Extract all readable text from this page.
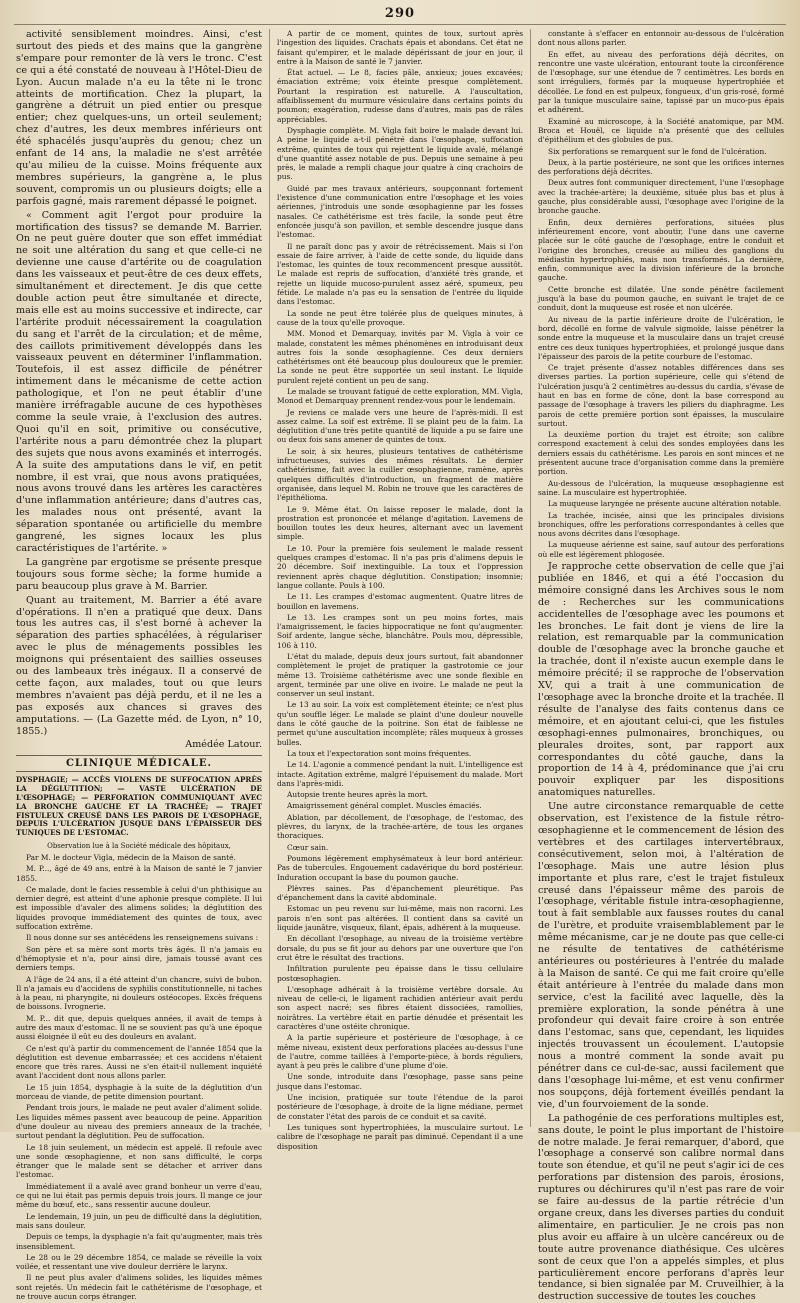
290

activité sensiblement moindres. Ainsi, c'est surtout des pieds et des mains que la gangrène s'empare pour remonter de là vers le tronc. C'est ce qui a été constaté de nouveau à l'Hôtel-Dieu de Lyon. Aucun malade n'a eu la tête ni le tronc atteints de mortification. Chez la plupart, la gangrène a détruit un pied entier ou presque entier; chez quelques-uns, un orteil seulement; chez d'autres, les deux membres inférieurs ont été sphacélés jusqu'auprès du genou; chez un enfant de 14 ans, la maladie ne s'est arrêtée qu'au milieu de la cuisse. Moins fréquente aux membres supérieurs, la gangrène a, le plus souvent, compromis un ou plusieurs doigts; elle a parfois gagné, mais rarement dépassé le poignet.

« Comment agit l'ergot pour produire la mortification des tissus? se demande M. Barrier. On ne peut guère douter que son effet immédiat ne soit une altération du sang et que celle-ci ne devienne une cause d'artérite ou de coagulation dans les vaisseaux et peut-être de ces deux effets, simultanément et directement. Je dis que cette double action peut être simultanée et directe, mais elle est au moins successive et indirecte, car l'artérite produit nécessairement la coagulation du sang et l'arrêt de la circulation; et de même, des caillots primitivement développés dans les vaisseaux peuvent en déterminer l'inflammation. Toutefois, il est assez difficile de pénétrer intimement dans le mécanisme de cette action pathologique, et l'on ne peut établir d'une manière irréfragable aucune de ces hypothèses comme la seule vraie, à l'exclusion des autres. Quoi qu'il en soit, primitive ou consécutive, l'artérite nous a paru démontrée chez la plupart des sujets que nous avons examinés et interrogés. A la suite des amputations dans le vif, en petit nombre, il est vrai, que nous avons pratiquées, nous avons trouvé dans les artères les caractères d'une inflammation antérieure; dans d'autres cas, les malades nous ont présenté, avant la séparation spontanée ou artificielle du membre gangrené, les signes locaux les plus caractéristiques de l'artérite. »

La gangrène par ergotisme se présente presque toujours sous forme sèche; la forme humide a paru beaucoup plus grave à M. Barrier.

Quant au traitement, M. Barrier a été avare d'opérations. Il n'en a pratiqué que deux. Dans tous les autres cas, il s'est borné à achever la séparation des parties sphacélées, à régulariser avec le plus de ménagements possibles les moignons qui présentaient des saillies osseuses ou des lambeaux très inégaux. Il a conservé de cette façon, aux malades, tout ou que leurs membres n'avaient pas déjà perdu, et il ne les a pas exposés aux chances si graves des amputations. — (La Gazette méd. de Lyon, n° 10, 1855.)

Amédée Latour.

CLINIQUE MÉDICALE.

DYSPHAGIE; — ACCÈS VIOLENS DE SUFFOCATION APRÈS LA DÉGLUTITION; — VASTE ULCÉRATION DE L'ŒSOPHAGE; — PERFORATION COMMUNIQUANT AVEC LA BRONCHE GAUCHE ET LA TRACHÉE; — TRAJET FISTULEUX CREUSÉ DANS LES PAROIS DE L'ŒSOPHAGE, DEPUIS L'ULCÉRATION JUSQUE DANS L'ÉPAISSEUR DES TUNIQUES DE L'ESTOMAC.

Observation lue à la Société médicale des hôpitaux,

Par M. le docteur Vigla, médecin de la Maison de santé.

M. P..., âgé de 49 ans, entré à la Maison de santé le 7 janvier 1855.

Ce malade, dont le facies ressemble à celui d'un phthisique au dernier degré, est atteint d'une aphonie presque complète. Il lui est impossible d'avaler des alimens solides; la déglutition des liquides provoque immédiatement des quintes de toux, avec suffocation extrême.

Il nous donne sur ses antécédens les renseignemens suivans :

Son père et sa mère sont morts très âgés. Il n'a jamais eu d'hémoptysie et n'a, pour ainsi dire, jamais toussé avant ces derniers temps.

A l'âge de 24 ans, il a été atteint d'un chancre, suivi de bubon. Il n'a jamais eu d'accidens de syphilis constitutionnelle, ni taches à la peau, ni pharyngite, ni douleurs ostéocopes. Excès fréquens de boissons. Ivrognerie.

M. P... dit que, depuis quelques années, il avait de temps à autre des maux d'estomac. Il ne se souvient pas qu'à une époque aussi éloignée il eût eu des douleurs en avalant.

Ce n'est qu'à partir du commencement de l'année 1854 que la déglutition est devenue embarrassée; et ces accidens n'étaient encore que très rares. Aussi ne s'en était-il nullement inquiété avant l'accident dont nous allons parler.

Le 15 juin 1854, dysphagie à la suite de la déglutition d'un morceau de viande, de petite dimension pourtant.

Pendant trois jours, le malade ne peut avaler d'aliment solide. Les liquides mêmes passent avec beaucoup de peine. Apparition d'une douleur au niveau des premiers anneaux de la trachée, surtout pendant la déglutition. Peu de suffocation.

Le 18 juin seulement, un médecin est appelé. Il refoule avec une sonde œsophagienne, et non sans difficulté, le corps étranger que le malade sent se détacher et arriver dans l'estomac.

Immédiatement il a avalé avec grand bonheur un verre d'eau, ce qui ne lui était pas permis depuis trois jours. Il mange ce jour même du bœuf, etc., sans ressentir aucune douleur.

Le lendemain, 19 juin, un peu de difficulté dans la déglutition, mais sans douleur.

Depuis ce temps, la dysphagie n'a fait qu'augmenter, mais très insensiblement.

Le 28 ou le 29 décembre 1854, ce malade se réveille la voix voilée, et ressentant une vive douleur derrière le larynx.

Il ne peut plus avaler d'alimens solides, les liquides mêmes sont rejetés. Un médecin fait le cathétérisme de l'œsophage, et ne trouve aucun corps étranger.

A partir de ce moment, quintes de toux, surtout après l'ingestion des liquides. Crachats épais et abondans. Cet état ne faisant qu'empirer, et le malade dépérissant de jour en jour, il entre à la Maison de santé le 7 janvier.

État actuel. — Le 8, facies pâle, anxieux; joues excavées; émaciation extrême; voix éteinte presque complètement. Pourtant la respiration est naturelle. A l'auscultation, affaiblissement du murmure vésiculaire dans certains points du poumon; exagération, rudesse dans d'autres, mais pas de râles appréciables.

Dysphagie complète. M. Vigla fait boire le malade devant lui. A peine le liquide a-t-il pénétré dans l'œsophage, suffocation extrême, quintes de toux qui rejettent le liquide avalé, mélangé d'une quantité assez notable de pus. Depuis une semaine à peu près, le malade a rempli chaque jour quatre à cinq crachoirs de pus.

Guidé par mes travaux antérieurs, soupçonnant fortement l'existence d'une communication entre l'œsophage et les voies aériennes, j'introduis une sonde œsophagienne par les fosses nasales. Ce cathétérisme est très facile, la sonde peut être enfoncée jusqu'à son pavillon, et semble descendre jusque dans l'estomac.

Il ne paraît donc pas y avoir de rétrécissement. Mais si l'on essaie de faire arriver, à l'aide de cette sonde, du liquide dans l'estomac, les quintes de toux recommencent presque aussitôt. Le malade est repris de suffocation, d'anxiété très grande, et rejette un liquide mucoso-purulent assez aéré, spumeux, peu fétide. Le malade n'a pas eu la sensation de l'entrée du liquide dans l'estomac.

La sonde ne peut être tolérée plus de quelques minutes, à cause de la toux qu'elle provoque.

MM. Monod et Demarquay, invités par M. Vigla à voir ce malade, constatent les mêmes phénomènes en introduisant deux autres fois la sonde œsophagienne. Ces deux derniers cathétérismes ont été beaucoup plus douloureux que le premier. La sonde ne peut être supportée un seul instant. Le liquide purulent rejeté contient un peu de sang.

Le malade se trouvant fatigué de cette exploration, MM. Vigla, Monod et Demarquay prennent rendez-vous pour le lendemain.

Je reviens ce malade vers une heure de l'après-midi. Il est assez calme. La soif est extrême. Il se plaint peu de la faim. La déglutition d'une très petite quantité de liquide a pu se faire une ou deux fois sans amener de quintes de toux.

Le soir, à six heures, plusieurs tentatives de cathétérisme infructueuses, suivies des mêmes résultats. Le dernier cathétérisme, fait avec la cuiller œsophagienne, ramène, après quelques difficultés d'introduction, un fragment de matière organisée, dans lequel M. Robin ne trouve que les caractères de l'épithélioma.

Le 9. Même état. On laisse reposer le malade, dont la prostration est prononcée et mélange d'agitation. Lavemens de bouillon toutes les deux heures, alternant avec un lavement simple.

Le 10. Pour la première fois seulement le malade ressent quelques crampes d'estomac. Il n'a pas pris d'alimens depuis le 20 décembre. Soif inextinguible. La toux et l'oppression reviennent après chaque déglutition. Constipation; insomnie; langue collante. Pouls à 100.

Le 11. Les crampes d'estomac augmentent. Quatre litres de bouillon en lavemens.

Le 13. Les crampes sont un peu moins fortes, mais l'amaigrissement, le facies hippocratique ne font qu'augmenter. Soif ardente, langue sèche, blanchâtre. Pouls mou, dépressible, 106 à 110.

L'état du malade, depuis deux jours surtout, fait abandonner complètement le projet de pratiquer la gastrotomie ce jour même 13. Troisième cathétérisme avec une sonde flexible en argent, terminée par une olive en ivoire. Le malade ne peut la conserver un seul instant.

Le 13 au soir. La voix est complètement éteinte; ce n'est plus qu'un souffle léger. Le malade se plaint d'une douleur nouvelle dans le côté gauche de la poitrine. Son état de faiblesse ne permet qu'une auscultation incomplète; râles muqueux à grosses bulles.

La toux et l'expectoration sont moins fréquentes.

Le 14. L'agonie a commencé pendant la nuit. L'intelligence est intacte. Agitation extrême, malgré l'épuisement du malade. Mort dans l'après-midi.

Autopsie trente heures après la mort.

Amaigrissement général complet. Muscles émaciés.

Ablation, par décollement, de l'œsophage, de l'estomac, des plèvres, du larynx, de la trachée-artère, de tous les organes thoraciques.

Cœur sain.

Poumons légèrement emphysémateux à leur bord antérieur. Pas de tubercules. Engouement cadavérique du bord postérieur. Induration occupant la base du poumon gauche.

Plèvres saines. Pas d'épanchement pleurétique. Pas d'épanchement dans la cavité abdominale.

Estomac un peu revenu sur lui-même, mais non racorni. Les parois n'en sont pas altérées. Il contient dans sa cavité un liquide jaunâtre, visqueux, filant, épais, adhérent à la muqueuse.

En décollant l'œsophage, au niveau de la troisième vertèbre dorsale, du pus se fit jour au dehors par une ouverture que l'on crut être le résultat des tractions.

Infiltration purulente peu épaisse dans le tissu cellulaire postœsophagien.

L'œsophage adhérait à la troisième vertèbre dorsale. Au niveau de celle-ci, le ligament rachidien antérieur avait perdu son aspect nacré; ses fibres étaient dissociées, ramollies, noirâtres. La vertèbre était en partie dénudée et présentait les caractères d'une ostéite chronique.

A la partie supérieure et postérieure de l'œsophage, à ce même niveau, existent deux perforations placées au-dessus l'une de l'autre, comme taillées à l'emporte-pièce, à bords réguliers, ayant à peu près le calibre d'une plume d'oie.

Une sonde, introduite dans l'œsophage, passe sans peine jusque dans l'estomac.

Une incision, pratiquée sur toute l'étendue de la paroi postérieure de l'œsophage, à droite de la ligne médiane, permet de constater l'état des parois de ce conduit et sa cavité.

Les tuniques sont hypertrophiées, la musculaire surtout. Le calibre de l'œsophage ne paraît pas diminué. Cependant il a une disposition

constante à s'effacer en entonnoir au-dessous de l'ulcération dont nous allons parler.

En effet, au niveau des perforations déjà décrites, on rencontre une vaste ulcération, entourant toute la circonférence de l'œsophage, sur une étendue de 7 centimètres. Les bords en sont irréguliers, formés par la muqueuse hypertrophiée et décollée. Le fond en est pulpeux, fongueux, d'un gris-rosé, formé par la tunique musculaire saine, tapissé par un muco-pus épais et adhérent.

Examiné au microscope, à la Société anatomique, par MM. Broca et Houël, ce liquide n'a présenté que des cellules d'épithélium et des globules de pus.

Six perforations se remarquent sur le fond de l'ulcération.

Deux, à la partie postérieure, ne sont que les orifices internes des perforations déjà décrites.

Deux autres font communiquer directement, l'une l'œsophage avec la trachée-artère; la deuxième, située plus bas et plus à gauche, plus considérable aussi, l'œsophage avec l'origine de la bronche gauche.

Enfin, deux dernières perforations, situées plus inférieurement encore, vont aboutir, l'une dans une caverne placée sur le côté gauche de l'œsophage, entre le conduit et l'origine des bronches, creusée au milieu des ganglions du médiastin hypertrophiés, mais non transformés. La dernière, enfin, communique avec la division inférieure de la bronche gauche.

Cette bronche est dilatée. Une sonde pénètre facilement jusqu'à la base du poumon gauche, en suivant le trajet de ce conduit, dont la muqueuse est rosée et non ulcérée.

Au niveau de la partie inférieure droite de l'ulcération, le bord, décollé en forme de valvule sigmoïde, laisse pénétrer la sonde entre la muqueuse et la musculaire dans un trajet creusé entre ces deux tuniques hypertrophiées, et prolongé jusque dans l'épaisseur des parois de la petite courbure de l'estomac.

Ce trajet présente d'assez notables différences dans ses diverses parties. La portion supérieure, celle qui s'étend de l'ulcération jusqu'à 2 centimètres au-dessus du cardia, s'évase de haut en bas en forme de cône, dont la base correspond au passage de l'œsophage à travers les piliers du diaphragme. Les parois de cette première portion sont épaisses, la musculaire surtout.

La deuxième portion du trajet est étroite; son calibre correspond exactement à celui des sondes employées dans les derniers essais du cathétérisme. Les parois en sont minces et ne présentent aucune trace d'organisation comme dans la première portion.

Au-dessous de l'ulcération, la muqueuse œsophagienne est saine. La musculaire est hypertrophiée.

La muqueuse laryngée ne présente aucune altération notable.

La trachée, incisée, ainsi que les principales divisions bronchiques, offre les perforations correspondantes à celles que nous avons décrites dans l'œsophage.

La muqueuse aérienne est saine, sauf autour des perforations où elle est légèrement phlogosée.

Je rapproche cette observation de celle que j'ai publiée en 1846, et qui a été l'occasion du mémoire consigné dans les Archives sous le nom de : Recherches sur les communications accidentelles de l'œsophage avec les poumons et les bronches. Le fait dont je viens de lire la relation, est remarquable par la communication double de l'œsophage avec la bronche gauche et la trachée, dont il n'existe aucun exemple dans le mémoire précité; il se rapproche de l'observation XV, qui a trait à une communication de l'œsophage avec la bronche droite et la trachée. Il résulte de l'analyse des faits contenus dans ce mémoire, et en ajoutant celui-ci, que les fistules œsophagi-ennes pulmonaires, bronchiques, ou pleurales droites, sont, par rapport aux correspondantes du côté gauche, dans la proportion de 14 à 4, prédominance que j'ai cru pouvoir expliquer par les dispositions anatomiques naturelles.

Une autre circonstance remarquable de cette observation, est l'existence de la fistule rétro-œsophagienne et le commencement de lésion des vertèbres et des cartilages intervertébraux, consécutivement, selon moi, à l'altération de l'œsophage. Mais une autre lésion plus importante et plus rare, c'est le trajet fistuleux creusé dans l'épaisseur même des parois de l'œsophage, véritable fistule intra-œsophagienne, tout à fait semblable aux fausses routes du canal de l'urètre, et produite vraisemblablement par le même mécanisme, car je ne doute pas que celle-ci ne résulte de tentatives de cathétérisme antérieures ou postérieures à l'entrée du malade à la Maison de santé. Ce qui me fait croire qu'elle était antérieure à l'entrée du malade dans mon service, c'est la facilité avec laquelle, dès la première exploration, la sonde pénétra à une profondeur qui devait faire croire à son entrée dans l'estomac, sans que, cependant, les liquides injectés trouvassent un écoulement. L'autopsie nous a montré comment la sonde avait pu pénétrer dans ce cul-de-sac, aussi facilement que dans l'œsophage lui-même, et est venu confirmer nos soupçons, déjà fortement éveillés pendant la vie, d'un fourvoiement de la sonde.

La pathogénie de ces perforations multiples est, sans doute, le point le plus important de l'histoire de notre malade. Je ferai remarquer, d'abord, que l'œsophage a conservé son calibre normal dans toute son étendue, et qu'il ne peut s'agir ici de ces perforations par distension des parois, érosions, ruptures ou déchirures qu'il n'est pas rare de voir se faire au-dessus de la partie rétrécie d'un organe creux, dans les diverses parties du conduit alimentaire, en particulier. Je ne crois pas non plus avoir eu affaire à un ulcère cancéreux ou de toute autre provenance diathésique. Ces ulcères sont de ceux que l'on a appelés simples, et plus particulièrement encore perforans d'après leur tendance, si bien signalée par M. Cruveilhier, à la destruction successive de toutes les couches
